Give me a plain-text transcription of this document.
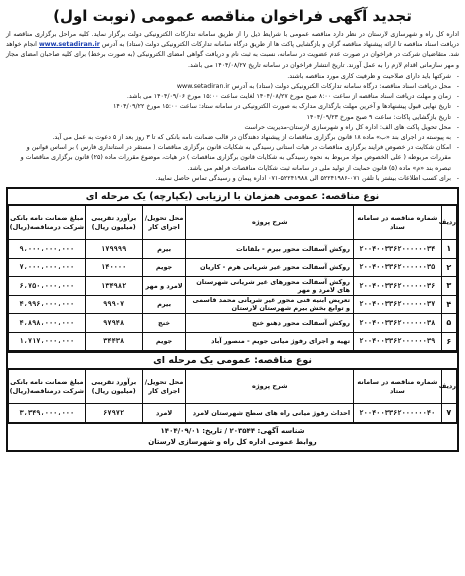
تجدید آگهی فراخوان مناقصه عمومی (نوبت اول)

اداره کل راه و شهرسازی لارستان در نظر دارد مناقصه عمومی با شرایط ذیل را از طریق سامانه تدارکات الکترونیکی دولت برگزار نماید. کلیه مراحل برگزاری مناقصه از دریافت اسناد مناقصه تا ارائه پیشنهاد مناقصه گران و بازگشایی پاکت ها از طریق درگاه سامانه تدارکات الکترونیکی دولت (ستاد) به آدرس www.setadiran.ir انجام خواهد شد. متقاضیان شرکت در فراخوان در صورت عدم عضویت در سامانه، نسبت به ثبت نام و دریافت گواهی امضای الکترونیکی (به صورت برخط) برای کلیه صاحبان امضای مجاز و مهر سازمانی اقدام لازم را به عمل آورند. تاریخ انتشار فراخوان در سامانه تاریخ ۱۴۰۴/۰۸/۲۷ می باشد.

- شرکتها باید دارای صلاحیت و ظرفیت کاری مورد مناقصه باشند.
- محل دریافت اسناد مناقصه: درگاه سامانه تدارکات الکترونیکی دولت (ستاد) به آدرس www.setadiran.ir
- زمان و مهلت دریافت اسناد مناقصه از ساعت ۸:۰۰ صبح مورخ ۱۴۰۴/۰۸/۲۷ لغایت ساعت ۱۵:۰۰ مورخ ۱۴۰۴/۰۹/۰۶ می باشد.
- تاریخ نهایی قبول پیشنهادها و آخرین مهلت بارگذاری مدارک به صورت الکترونیکی در سامانه ستاد: ساعت ۱۵:۰۰ مورخ ۱۴۰۴/۰۹/۲۲
- تاریخ بازگشایی پاکات: ساعت ۹ صبح مورخ ۱۴۰۴/۰۹/۲۳
- محل تحویل پاکت های الف: اداره کل راه و شهرسازی لارستان-مدیریت حراست
- به پیوسته در اجرای بند «ب» ماده ۱۸ قانون برگزاری مناقصات از پیشنهاد دهندگان در قالب ضمانت نامه بانکی که تا ۳ روز بعد از ۵ دعوت به عمل می آید.
- امکان شکایت در خصوص فرایند برگزاری مناقصات در هیات استانی رسیدگی به شکایات قانون برگزاری مناقصات ( مستقر در استانداری فارس ) بر اساس قوانین و مقررات مربوطه ( علی الخصوص مواد مربوط به نحوه رسیدگی به شکایات قانون برگزاری مناقصات ) در هیات، موضوع مقررات ماده (۲۵) قانون برگزاری مناقصات و تبصره بند «م» ماده (۵) قانون حمایت از تولید ملی در سامانه ثبت شکایات مناقصات فراهم می باشد.
- برای کسب اطلاعات بیشتر با تلفن ۰۷۱-۵۲۲۴۱۹۸۶ الی ۵۲۲۴۱۹۸۸-۰۷۱ اداره پیمان و رسیدگی تماس حاصل نمایید.
نوع مناقصه: عمومی همزمان با ارزیابی (یکپارچه) یک مرحله ای
ردیف	شماره مناقصه در سامانه ستاد	شرح پروژه	محل تحویل/اجرای کار	برآورد تقریبی (میلیون ریال)	مبلغ ضمانت نامه بانکی شرکت درمناقصه(ریال)
۱	۲۰۰۴۰۰۳۳۶۲۰۰۰۰۰۰۳۴	روکش آسفالت محور بیرم - بلقانات	بیرم	۱۷۹۹۹۹	۹،۰۰۰،۰۰۰،۰۰۰
۲	۲۰۰۴۰۰۳۳۶۲۰۰۰۰۰۰۳۵	روکش آسفالت محور غیر شریانی هرم - کاریان	جویم	۱۴۰۰۰۰	۷،۰۰۰،۰۰۰،۰۰۰
۳	۲۰۰۴۰۰۳۳۶۲۰۰۰۰۰۰۳۶	روکش آسفالت محورهای غیر شریانی شهرستان های لامرد و مهر	لامرد و مهر	۱۳۴۹۸۲	۶،۷۵۰،۰۰۰،۰۰۰
۴	۲۰۰۴۰۰۳۳۶۲۰۰۰۰۰۰۳۷	تعریض ابنیه فنی محور غیر شریانی محمد قاسمی و توابع بخش بیرم شهرستان لارستان	بیرم	۹۹۹۰۷	۴،۹۹۶،۰۰۰،۰۰۰
۵	۲۰۰۴۰۰۳۳۶۲۰۰۰۰۰۰۳۸	روکش آسفالت محور دهنو خنج	خنج	۹۷۹۴۸	۴،۸۹۸،۰۰۰،۰۰۰
۶	۲۰۰۴۰۰۳۳۶۲۰۰۰۰۰۰۳۹	تهیه و اجرای رفوژ میانی جویم - منصور آباد	جویم	۳۴۴۳۸	۱،۷۱۷،۰۰۰،۰۰۰
نوع مناقصه: عمومی یک مرحله ای
ردیف	شماره مناقصه در سامانه ستاد	شرح پروژه	محل تحویل/اجرای کار	برآورد تقریبی (میلیون ریال)	مبلغ ضمانت نامه بانکی شرکت درمناقصه(ریال)
۷	۲۰۰۴۰۰۳۳۶۲۰۰۰۰۰۰۴۰	احداث رفوژ میانی راه های سطح شهرستان لامرد	لامرد	۶۷۹۷۲	۳،۳۴۹،۰۰۰،۰۰۰
شناسه آگهی: ۲۰۳۵۴۴ / تاریخ: ۱۴۰۴/۰۹/۰۱
روابط عمومی اداره کل راه و شهرسازی لارستان
